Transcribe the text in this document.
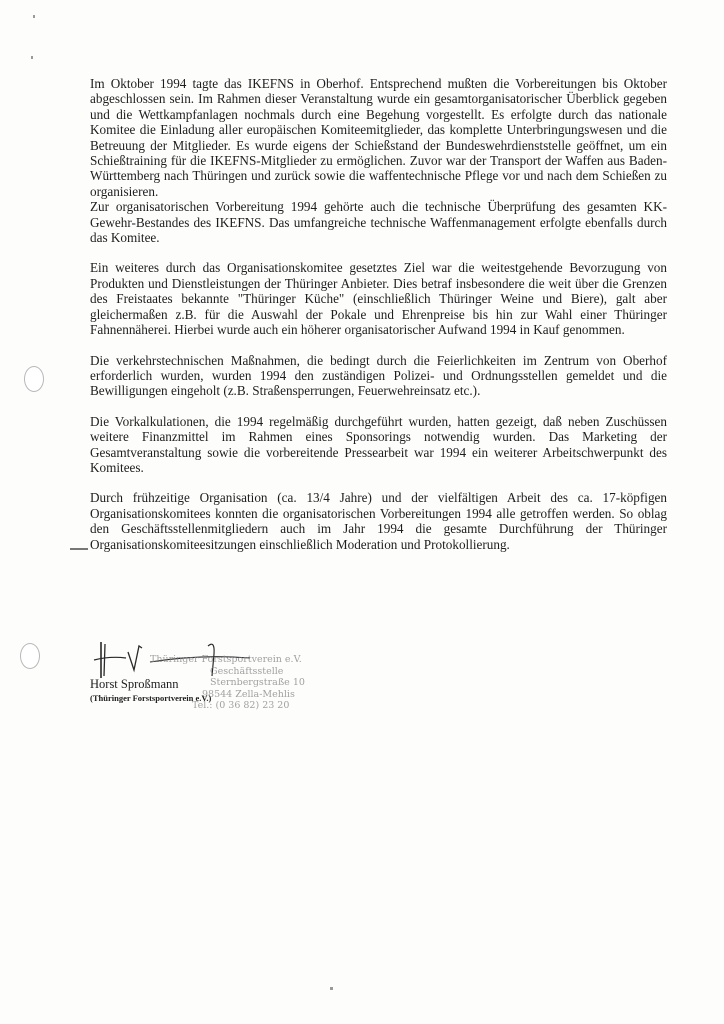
Im Oktober 1994 tagte das IKEFNS in Oberhof. Entsprechend mußten die Vorbereitungen bis Oktober abgeschlossen sein. Im Rahmen dieser Veranstaltung wurde ein gesamtorganisatorischer Überblick gegeben und die Wettkampfanlagen nochmals durch eine Begehung vorgestellt. Es erfolgte durch das nationale Komitee die Einladung aller europäischen Komiteemitglieder, das komplette Unterbringungswesen und die Betreuung der Mitglieder. Es wurde eigens der Schießstand der Bundeswehrdienststelle geöffnet, um ein Schießtraining für die IKEFNS-Mitglieder zu ermöglichen. Zuvor war der Transport der Waffen aus Baden-Württemberg nach Thüringen und zurück sowie die waffentechnische Pflege vor und nach dem Schießen zu organisieren.

Zur organisatorischen Vorbereitung 1994 gehörte auch die technische Überprüfung des gesamten KK-Gewehr-Bestandes des IKEFNS. Das umfangreiche technische Waffenmanagement erfolgte ebenfalls durch das Komitee.

Ein weiteres durch das Organisationskomitee gesetztes Ziel war die weitestgehende Bevorzugung von Produkten und Dienstleistungen der Thüringer Anbieter. Dies betraf insbesondere die weit über die Grenzen des Freistaates bekannte "Thüringer Küche" (einschließlich Thüringer Weine und Biere), galt aber gleichermaßen z.B. für die Auswahl der Pokale und Ehrenpreise bis hin zur Wahl einer Thüringer Fahnennäherei. Hierbei wurde auch ein höherer organisatorischer Aufwand 1994 in Kauf genommen.

Die verkehrstechnischen Maßnahmen, die bedingt durch die Feierlichkeiten im Zentrum von Oberhof erforderlich wurden, wurden 1994 den zuständigen Polizei- und Ordnungsstellen gemeldet und die Bewilligungen eingeholt (z.B. Straßensperrungen, Feuerwehreinsatz etc.).

Die Vorkalkulationen, die 1994 regelmäßig durchgeführt wurden, hatten gezeigt, daß neben Zuschüssen weitere Finanzmittel im Rahmen eines Sponsorings notwendig wurden. Das Marketing der Gesamtveranstaltung sowie die vorbereitende Pressearbeit war 1994 ein weiterer Arbeitschwerpunkt des Komitees.

Durch frühzeitige Organisation (ca. 13/4 Jahre) und der vielfältigen Arbeit des ca. 17-köpfigen Organisationskomitees konnten die organisatorischen Vorbereitungen 1994 alle getroffen werden. So oblag den Geschäftsstellenmitgliedern auch im Jahr 1994 die gesamte Durchführung der Thüringer Organisationskomiteesitzungen einschließlich Moderation und Protokollierung.

Thüringer Forstsportverein e.V.
Geschäftsstelle
Sternbergstraße 10
98544 Zella-Mehlis
Tel.: (0 36 82) 23 20
Horst Sproßmann
(Thüringer Forstsportverein e.V.)
